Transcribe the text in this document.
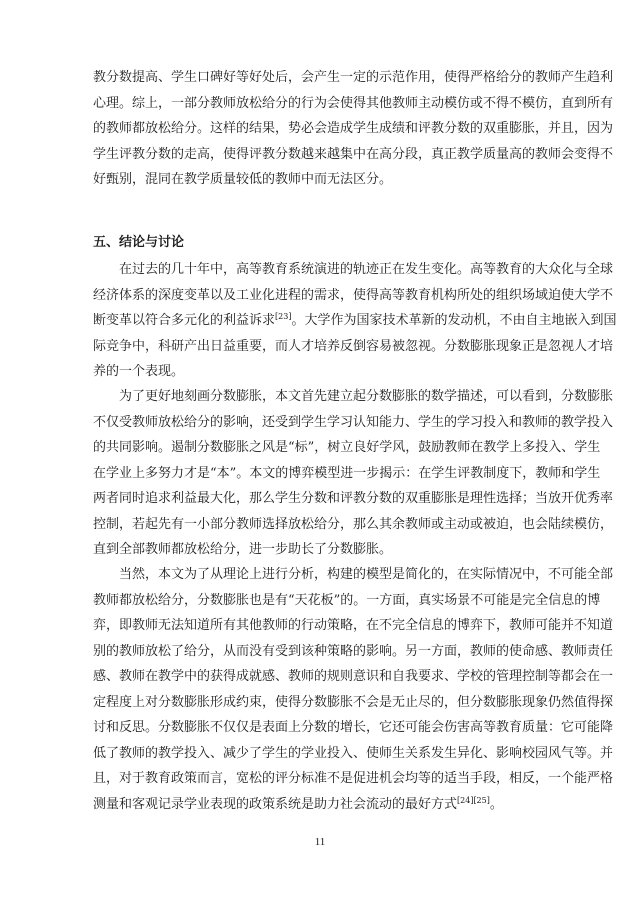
教分数提高、学生口碑好等好处后，会产生一定的示范作用，使得严格给分的教师产生趋利
心理。综上，一部分教师放松给分的行为会使得其他教师主动模仿或不得不模仿，直到所有
的教师都放松给分。这样的结果，势必会造成学生成绩和评教分数的双重膨胀，并且，因为
学生评教分数的走高，使得评教分数越来越集中在高分段，真正教学质量高的教师会变得不
好甄别，混同在教学质量较低的教师中而无法区分。
五、结论与讨论
在过去的几十年中，高等教育系统演进的轨迹正在发生变化。高等教育的大众化与全球
经济体系的深度变革以及工业化进程的需求，使得高等教育机构所处的组织场域迫使大学不
断变革以符合多元化的利益诉求[23]。大学作为国家技术革新的发动机，不由自主地嵌入到国
际竞争中，科研产出日益重要，而人才培养反倒容易被忽视。分数膨胀现象正是忽视人才培
养的一个表现。
为了更好地刻画分数膨胀，本文首先建立起分数膨胀的数学描述，可以看到，分数膨胀
不仅受教师放松给分的影响，还受到学生学习认知能力、学生的学习投入和教师的教学投入
的共同影响。遏制分数膨胀之风是“标”，树立良好学风，鼓励教师在教学上多投入、学生
在学业上多努力才是“本”。本文的博弈模型进一步揭示：在学生评教制度下，教师和学生
两者同时追求利益最大化，那么学生分数和评教分数的双重膨胀是理性选择；当放开优秀率
控制，若起先有一小部分教师选择放松给分，那么其余教师或主动或被迫，也会陆续模仿，
直到全部教师都放松给分，进一步助长了分数膨胀。
当然，本文为了从理论上进行分析，构建的模型是简化的，在实际情况中，不可能全部
教师都放松给分，分数膨胀也是有“天花板”的。一方面，真实场景不可能是完全信息的博
弈，即教师无法知道所有其他教师的行动策略，在不完全信息的博弈下，教师可能并不知道
别的教师放松了给分，从而没有受到该种策略的影响。另一方面，教师的使命感、教师责任
感、教师在教学中的获得成就感、教师的规则意识和自我要求、学校的管理控制等都会在一
定程度上对分数膨胀形成约束，使得分数膨胀不会是无止尽的，但分数膨胀现象仍然值得探
讨和反思。分数膨胀不仅仅是表面上分数的增长，它还可能会伤害高等教育质量：它可能降
低了教师的教学投入、减少了学生的学业投入、使师生关系发生异化、影响校园风气等。并
且，对于教育政策而言，宽松的评分标准不是促进机会均等的适当手段，相反，一个能严格
测量和客观记录学业表现的政策系统是助力社会流动的最好方式[24][25]。
11
